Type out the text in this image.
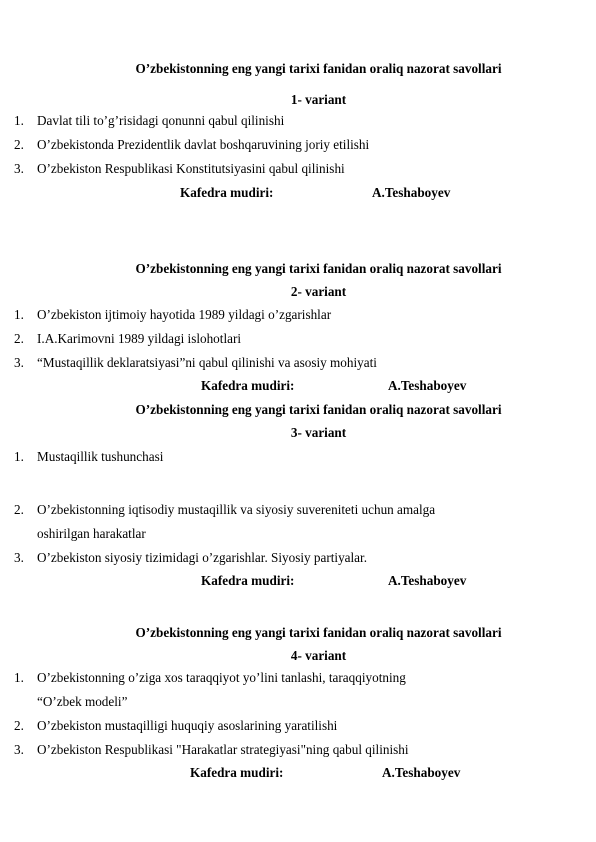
O’zbekistonning eng yangi tarixi fanidan oraliq nazorat savollari
1- variant
1. Davlat tili to’g’risidagi qonunni qabul qilinishi
2. O’zbekistonda Prezidentlik davlat boshqaruvining joriy etilishi
3. O’zbekiston Respublikasi Konstitutsiyasini qabul qilinishi
Kafedra mudiri:	A.Teshaboyev
O’zbekistonning eng yangi tarixi fanidan oraliq nazorat savollari
2- variant
1. O’zbekiston ijtimoiy hayotida 1989 yildagi o’zgarishlar
2. I.A.Karimovni 1989 yildagi islohotlari
3. “Mustaqillik deklaratsiyasi”ni qabul qilinishi va asosiy mohiyati
Kafedra mudiri:	A.Teshaboyev
O’zbekistonning eng yangi tarixi fanidan oraliq nazorat savollari
3- variant
1. Mustaqillik tushunchasi
2. O’zbekistonning iqtisodiy mustaqillik va siyosiy suvereniteti uchun amalga
oshirilgan harakatlar
3. O’zbekiston siyosiy tizimidagi o’zgarishlar. Siyosiy partiyalar.
Kafedra mudiri:	A.Teshaboyev
O’zbekistonning eng yangi tarixi fanidan oraliq nazorat savollari
4- variant
1. O’zbekistonning o’ziga xos taraqqiyot yo’lini tanlashi, taraqqiyotning
“O’zbek modeli”
2. O’zbekiston mustaqilligi huquqiy asoslarining yaratilishi
3. O’zbekiston Respublikasi "Harakatlar strategiyasi"ning qabul qilinishi
Kafedra mudiri:	A.Teshaboyev
